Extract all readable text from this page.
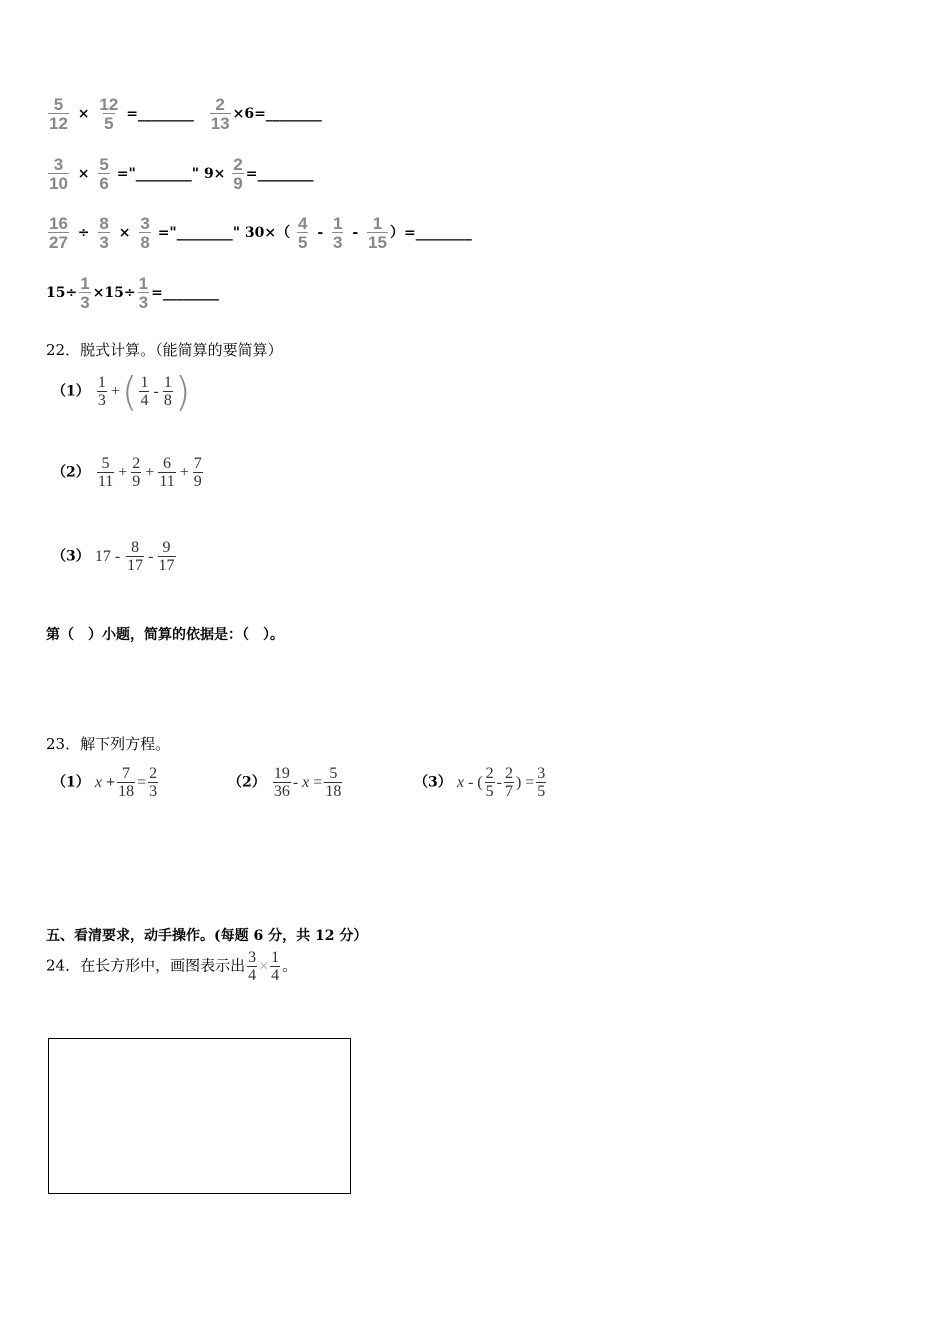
$\frac{5}{12} \times \frac{12}{5}$ =________ $\frac{2}{13}$ ×6=________
$\frac{3}{10} \times \frac{5}{6}$ ="________" $9\times \frac{2}{9}$ =________
$\frac{16}{27} \div \frac{8}{3} \times \frac{3}{8}$ ="________" $30\times( \frac{4}{5} - \frac{1}{3} - \frac{1}{15}$ ）=________
$15\div \frac{1}{3} \times 15\div \frac{1}{3}$ =________
22．脱式计算。（能简算的要简算）
$(1) \frac{1}{3}$ +( $\frac{1}{4} - \frac{1}{8}$ )
$(2) \frac{5}{11} + \frac{2}{9} + \frac{6}{11} + \frac{7}{9}$
（3） $17 - \frac{8}{17} - \frac{9}{17}$
第（　）小题，简算的依据是：（　）。
23．解下列方程。
（1） $x + \frac{7}{18} = \frac{2}{3}$	$(2) \frac{19}{36} - x = \frac{5}{18}$	（3） x - ( $\frac{2}{5} - \frac{2}{7}$ ) = $\frac{3}{5}$
五、看清要求，动手操作。(每题 6 分，共 12 分）
24．在长方形中，画图表示出 $\frac{3}{4} \times \frac{1}{4}$ 。
